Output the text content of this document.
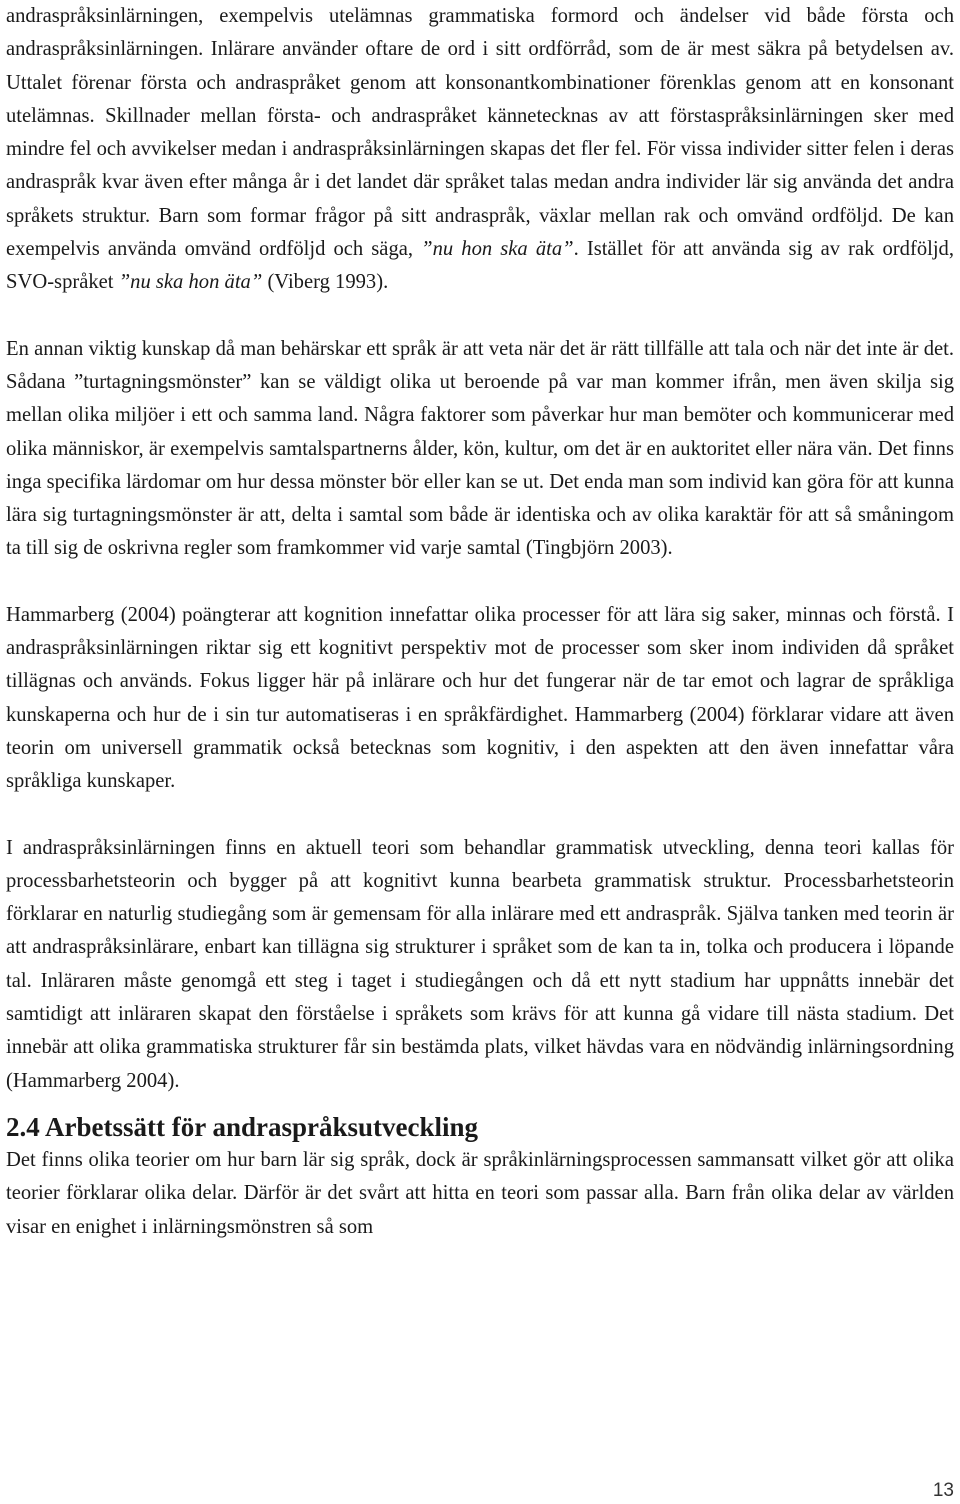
andraspråksinlärningen, exempelvis utelämnas grammatiska formord och ändelser vid både första och andraspråksinlärningen. Inlärare använder oftare de ord i sitt ordförråd, som de är mest säkra på betydelsen av. Uttalet förenar första och andraspråket genom att konsonantkombinationer förenklas genom att en konsonant utelämnas. Skillnader mellan första- och andraspråket kännetecknas av att förstaspråksinlärningen sker med mindre fel och avvikelser medan i andraspråksinlärningen skapas det fler fel. För vissa individer sitter felen i deras andraspråk kvar även efter många år i det landet där språket talas medan andra individer lär sig använda det andra språkets struktur. Barn som formar frågor på sitt andraspråk, växlar mellan rak och omvänd ordföljd. De kan exempelvis använda omvänd ordföljd och säga, ”nu hon ska äta”. Istället för att använda sig av rak ordföljd, SVO-språket ”nu ska hon äta” (Viberg 1993).

En annan viktig kunskap då man behärskar ett språk är att veta när det är rätt tillfälle att tala och när det inte är det. Sådana ”turtagningsmönster” kan se väldigt olika ut beroende på var man kommer ifrån, men även skilja sig mellan olika miljöer i ett och samma land. Några faktorer som påverkar hur man bemöter och kommunicerar med olika människor, är exempelvis samtalspartnerns ålder, kön, kultur, om det är en auktoritet eller nära vän. Det finns inga specifika lärdomar om hur dessa mönster bör eller kan se ut. Det enda man som individ kan göra för att kunna lära sig turtagningsmönster är att, delta i samtal som både är identiska och av olika karaktär för att så småningom ta till sig de oskrivna regler som framkommer vid varje samtal (Tingbjörn 2003).

Hammarberg (2004) poängterar att kognition innefattar olika processer för att lära sig saker, minnas och förstå. I andraspråksinlärningen riktar sig ett kognitivt perspektiv mot de processer som sker inom individen då språket tillägnas och används. Fokus ligger här på inlärare och hur det fungerar när de tar emot och lagrar de språkliga kunskaperna och hur de i sin tur automatiseras i en språkfärdighet. Hammarberg (2004) förklarar vidare att även teorin om universell grammatik också betecknas som kognitiv, i den aspekten att den även innefattar våra språkliga kunskaper.

I andraspråksinlärningen finns en aktuell teori som behandlar grammatisk utveckling, denna teori kallas för processbarhetsteorin och bygger på att kognitivt kunna bearbeta grammatisk struktur. Processbarhetsteorin förklarar en naturlig studiegång som är gemensam för alla inlärare med ett andraspråk. Själva tanken med teorin är att andraspråksinlärare, enbart kan tillägna sig strukturer i språket som de kan ta in, tolka och producera i löpande tal. Inläraren måste genomgå ett steg i taget i studiegången och då ett nytt stadium har uppnåtts innebär det samtidigt att inläraren skapat den förståelse i språkets som krävs för att kunna gå vidare till nästa stadium. Det innebär att olika grammatiska strukturer får sin bestämda plats, vilket hävdas vara en nödvändig inlärningsordning (Hammarberg 2004).

2.4 Arbetssätt för andraspråksutveckling

Det finns olika teorier om hur barn lär sig språk, dock är språkinlärningsprocessen sammansatt vilket gör att olika teorier förklarar olika delar. Därför är det svårt att hitta en teori som passar alla. Barn från olika delar av världen visar en enighet i inlärningsmönstren så som

13
